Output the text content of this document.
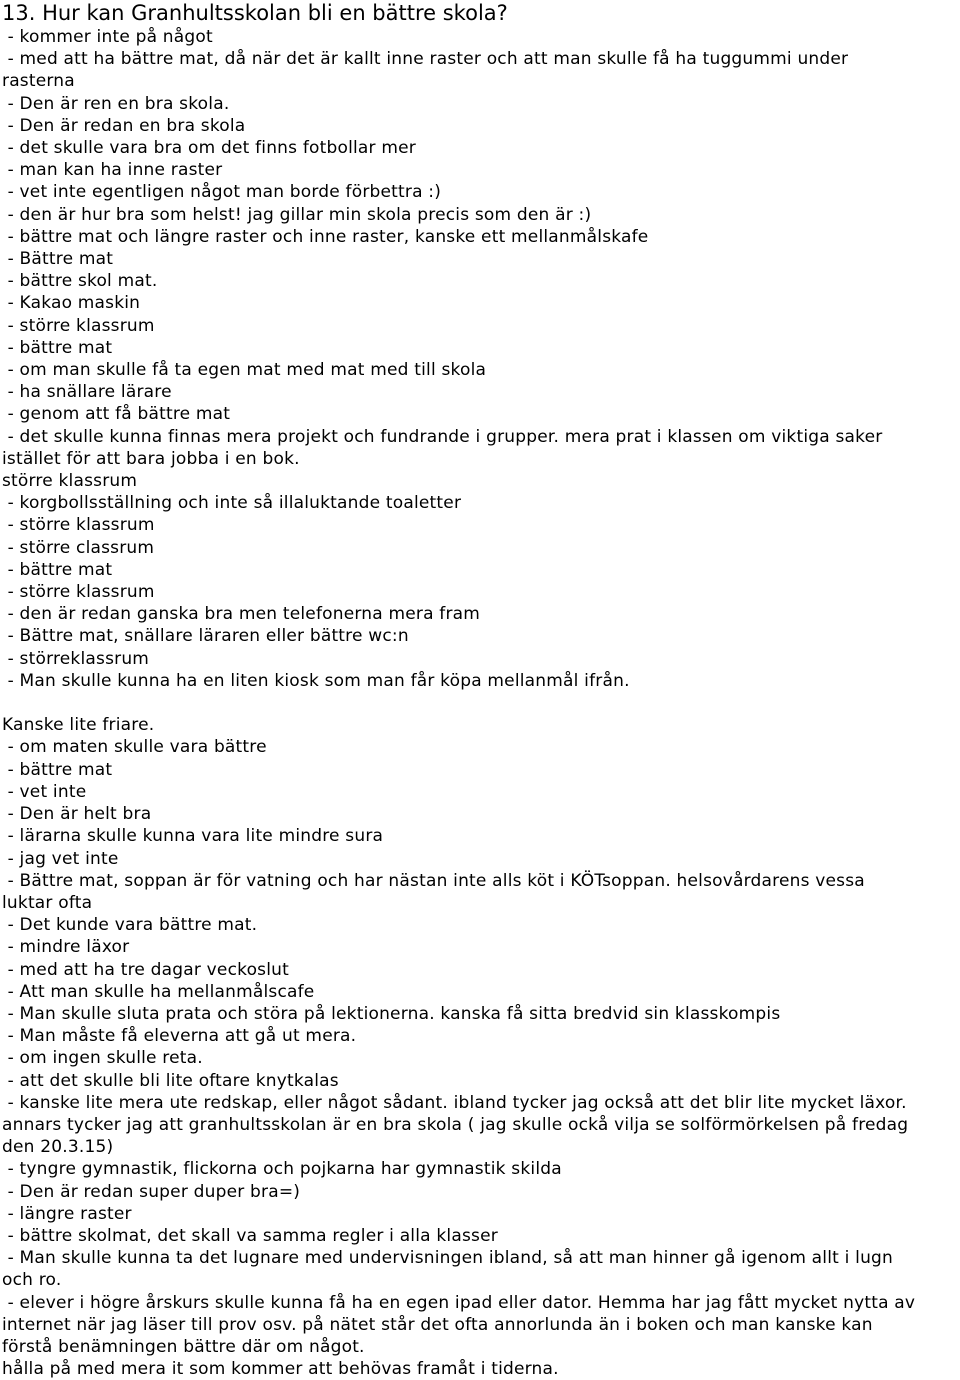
13. Hur kan Granhultsskolan bli en bättre skola?
- kommer inte på något
- med att ha bättre mat, då när det är kallt inne raster och att man skulle få ha tuggummi under
rasterna
- Den är ren en bra skola.
- Den är redan en bra skola
- det skulle vara bra om det finns fotbollar mer
- man kan ha inne raster
- vet inte egentligen något man borde förbettra :)
- den är hur bra som helst! jag gillar min skola precis som den är :)
- bättre mat och längre raster och inne raster, kanske ett mellanmålskafe
- Bättre mat
- bättre skol mat.
- Kakao maskin
- större klassrum
- bättre mat
- om man skulle få ta egen mat med mat med till skola
- ha snällare lärare
- genom att få bättre mat
- det skulle kunna finnas mera projekt och fundrande i grupper. mera prat i klassen om viktiga saker
istället för att bara jobba i en bok.
större klassrum
- korgbollsställning och inte så illaluktande toaletter
- större klassrum
- större classrum
- bättre mat
- större klassrum
- den är redan ganska bra men telefonerna mera fram
- Bättre mat, snällare läraren eller bättre wc:n
- störreklassrum
- Man skulle kunna ha en liten kiosk som man får köpa mellanmål ifrån.
Kanske lite friare.
- om maten skulle vara bättre
- bättre mat
- vet inte
- Den är helt bra
- lärarna skulle kunna vara lite mindre sura
- jag vet inte
- Bättre mat, soppan är för vatning och har nästan inte alls köt i KÖTsoppan. helsovårdarens vessa
luktar ofta
- Det kunde vara bättre mat.
- mindre läxor
- med att ha tre dagar veckoslut
- Att man skulle ha mellanmålscafe
- Man skulle sluta prata och störa på lektionerna. kanska få sitta bredvid sin klasskompis
- Man måste få eleverna att gå ut mera.
- om ingen skulle reta.
- att det skulle bli lite oftare knytkalas
- kanske lite mera ute redskap, eller något sådant. ibland tycker jag också att det blir lite mycket läxor.
annars tycker jag att granhultsskolan är en bra skola ( jag skulle ockå vilja se solförmörkelsen på fredag
den 20.3.15)
- tyngre gymnastik, flickorna och pojkarna har gymnastik skilda
- Den är redan super duper bra=)
- längre raster
- bättre skolmat, det skall va samma regler i alla klasser
- Man skulle kunna ta det lugnare med undervisningen ibland, så att man hinner gå igenom allt i lugn
och ro.
- elever i högre årskurs skulle kunna få ha en egen ipad eller dator. Hemma har jag fått mycket nytta av
internet när jag läser till prov osv. på nätet står det ofta annorlunda än i boken och man kanske kan
förstå benämningen bättre där om något.
hålla på med mera it som kommer att behövas framåt i tiderna.
